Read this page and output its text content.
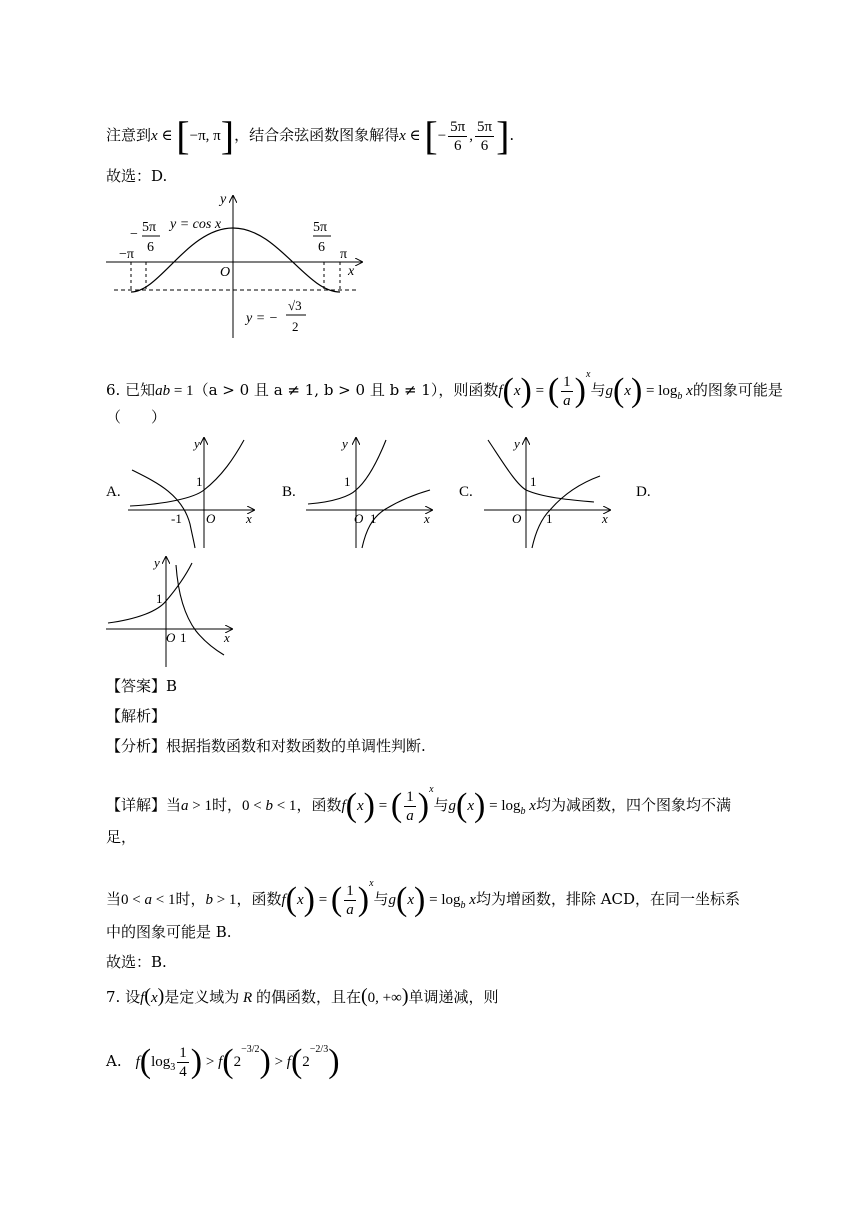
注意到x ∈ [−π, π]，结合余弦函数图象解得x ∈ [− $\frac{5\pi}{6}$ , $\frac{5\pi}{6}$ ].
故选：D.
y
x
O
y = cos x
−π	π
− 5π
6
5π
6
y = −
√3
2
6. 已知ab = 1（a > 0 且 a ≠ 1, b > 0 且 b ≠ 1），则函数f(x) = ( $\frac{1}{a} )^x$与$g(x) = \log_b x$的图象可能是
（　　）
A.	B.	C.	D.
y
x
O
1
-1
y
x
O
1
1
y
x
O
1
1
y
x
O
1
1
【答案】B
【解析】
【分析】根据指数函数和对数函数的单调性判断.
【详解】当a > 1时，0 < b < 1，函数f(x) = ( $\frac{1}{a} )^x$与$g(x) = \log_b x$均为减函数，四个图象均不满
足，
当0 < a < 1时，b > 1，函数f(x) = ( $\frac{1}{a} )^x$与$g(x) = \log_b x$均为增函数，排除 ACD，在同一坐标系
中的图象可能是 B.
故选：B.
7. 设f(x)是定义域为 R 的偶函数，且在(0, +∞)单调递减，则
A. $f(\log_3 \frac{1}{4}$ ) > $f(2^{-3/2}) > f(2^{-2/3})$
